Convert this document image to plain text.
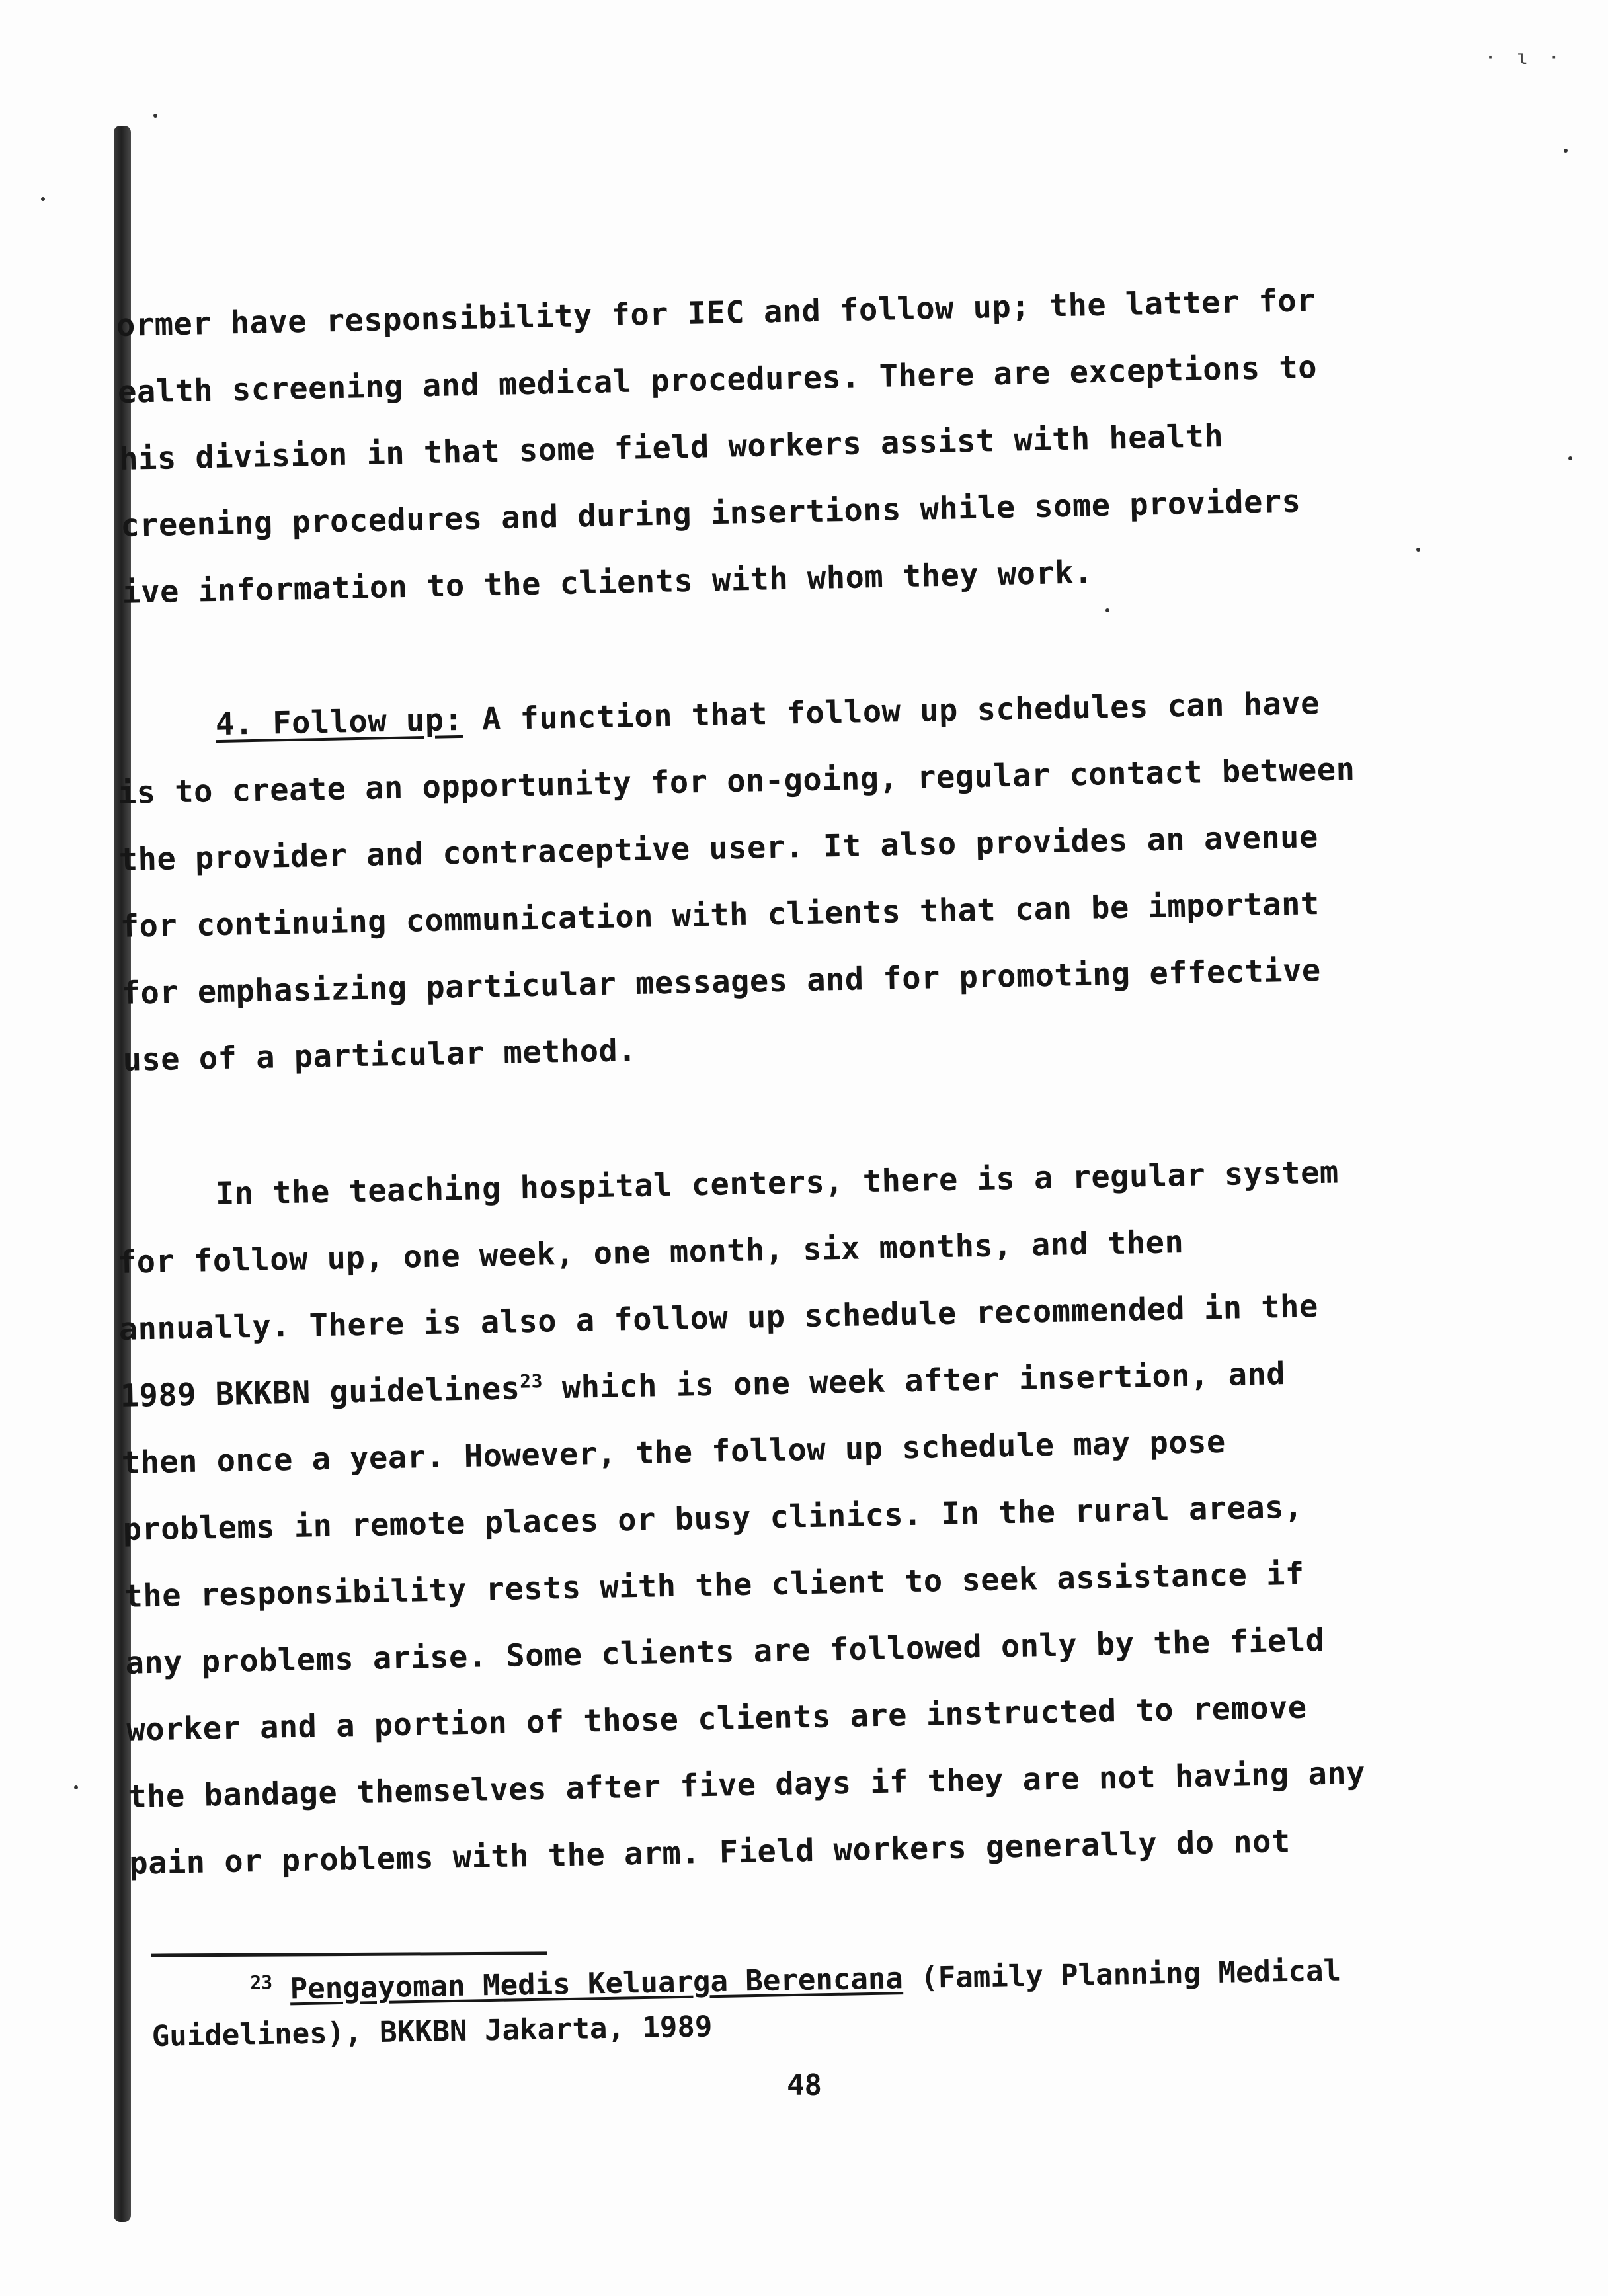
· ɩ ·
ormer have responsibility for IEC and follow up; the latter for
ealth screening and medical procedures. There are exceptions to
his division in that some field workers assist with health
creening procedures and during insertions while some providers
ive information to the clients with whom they work.
4. Follow up: A function that follow up schedules can have
is to create an opportunity for on-going, regular contact between
the provider and contraceptive user. It also provides an avenue
for continuing communication with clients that can be important
for emphasizing particular messages and for promoting effective
use of a particular method.
In the teaching hospital centers, there is a regular system
for follow up, one week, one month, six months, and then
annually. There is also a follow up schedule recommended in the
1989 BKKBN guidelines$^{23}$ which is one week after insertion, and
then once a year. However, the follow up schedule may pose
problems in remote places or busy clinics. In the rural areas,
the responsibility rests with the client to seek assistance if
any problems arise. Some clients are followed only by the field
worker and a portion of those clients are instructed to remove
the bandage themselves after five days if they are not having any
pain or problems with the arm. Field workers generally do not
$^{23}$ Pengayoman Medis Keluarga Berencana (Family Planning Medical
Guidelines), BKKBN Jakarta, 1989
48
